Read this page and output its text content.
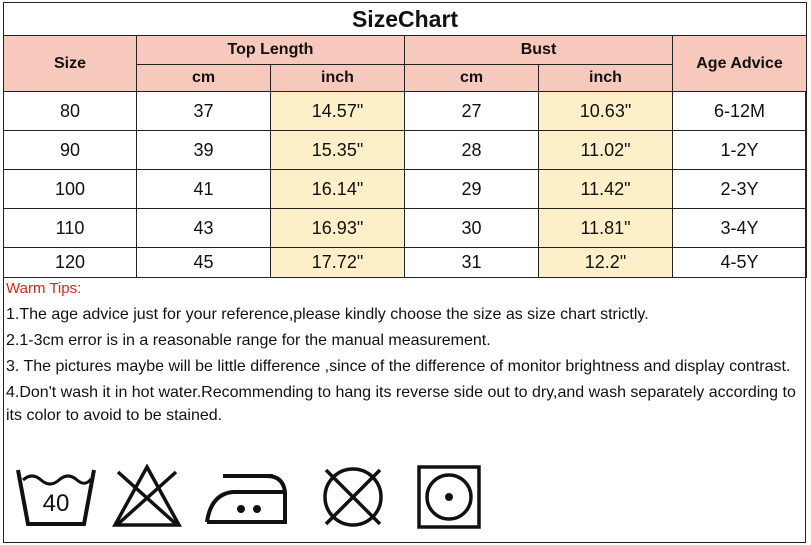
SizeChart					
Size	Top Length		Bust		Age Advice
	cm	inch	cm	inch	
80	37	14.57"	27	10.63"	6-12M
90	39	15.35"	28	11.02"	1-2Y
100	41	16.14"	29	11.42"	2-3Y
110	43	16.93"	30	11.81"	3-4Y
120	45	17.72"	31	12.2"	4-5Y

Warm Tips:

1.The age advice just for your reference,please kindly choose the size as size chart strictly.

2.1-3cm error is in a reasonable range for the manual measurement.

3. The pictures maybe will be little difference ,since of the difference of monitor brightness and display contrast.

4.Don't wash it in hot water.Recommending to hang its reverse side out to dry,and wash separately according to its color to avoid to be stained.

40
